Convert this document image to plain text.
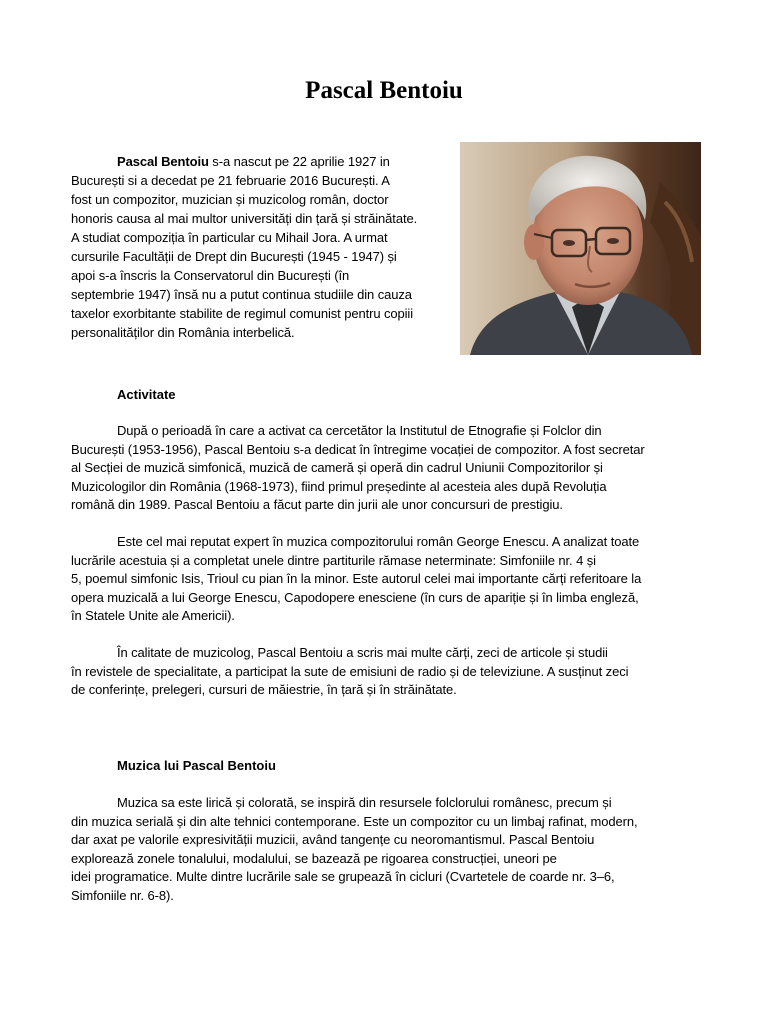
Pascal Bentoiu
Pascal Bentoiu s-a nascut pe 22 aprilie 1927 in
București si a decedat pe 21 februarie 2016 București. A
fost un compozitor, muzician și muzicolog român, doctor
honoris causa al mai multor universități din țară și străinătate.
A studiat compoziția în particular cu Mihail Jora. A urmat
cursurile Facultății de Drept din București (1945 - 1947) și
apoi s-a înscris la Conservatorul din București (în
septembrie 1947) însă nu a putut continua studiile din cauza
taxelor exorbitante stabilite de regimul comunist pentru copiii
personalităților din România interbelică.
Activitate
După o perioadă în care a activat ca cercetător la Institutul de Etnografie și Folclor din
București (1953-1956), Pascal Bentoiu s-a dedicat în întregime vocației de compozitor. A fost secretar
al Secției de muzică simfonică, muzică de cameră și operă din cadrul Uniunii Compozitorilor și
Muzicologilor din România (1968-1973), fiind primul președinte al acesteia ales după Revoluția
română din 1989. Pascal Bentoiu a făcut parte din jurii ale unor concursuri de prestigiu.
Este cel mai reputat expert în muzica compozitorului român George Enescu. A analizat toate
lucrările acestuia și a completat unele dintre partiturile rămase neterminate: Simfoniile nr. 4 și
5, poemul simfonic Isis, Trioul cu pian în la minor. Este autorul celei mai importante cărți referitoare la
opera muzicală a lui George Enescu, Capodopere enesciene (în curs de apariție și în limba engleză,
în Statele Unite ale Americii).
În calitate de muzicolog, Pascal Bentoiu a scris mai multe cărți, zeci de articole și studii
în revistele de specialitate, a participat la sute de emisiuni de radio și de televiziune. A susținut zeci
de conferințe, prelegeri, cursuri de măiestrie, în țară și în străinătate.
Muzica lui Pascal Bentoiu
Muzica sa este lirică și colorată, se inspiră din resursele folclorului românesc, precum și
din muzica serială și din alte tehnici contemporane. Este un compozitor cu un limbaj rafinat, modern,
dar axat pe valorile expresivității muzicii, având tangențe cu neoromantismul. Pascal Bentoiu
explorează zonele tonalului, modalului, se bazează pe rigoarea construcției, uneori pe
idei programatice. Multe dintre lucrările sale se grupează în cicluri (Cvartetele de coarde nr. 3–6,
Simfoniile nr. 6-8).
